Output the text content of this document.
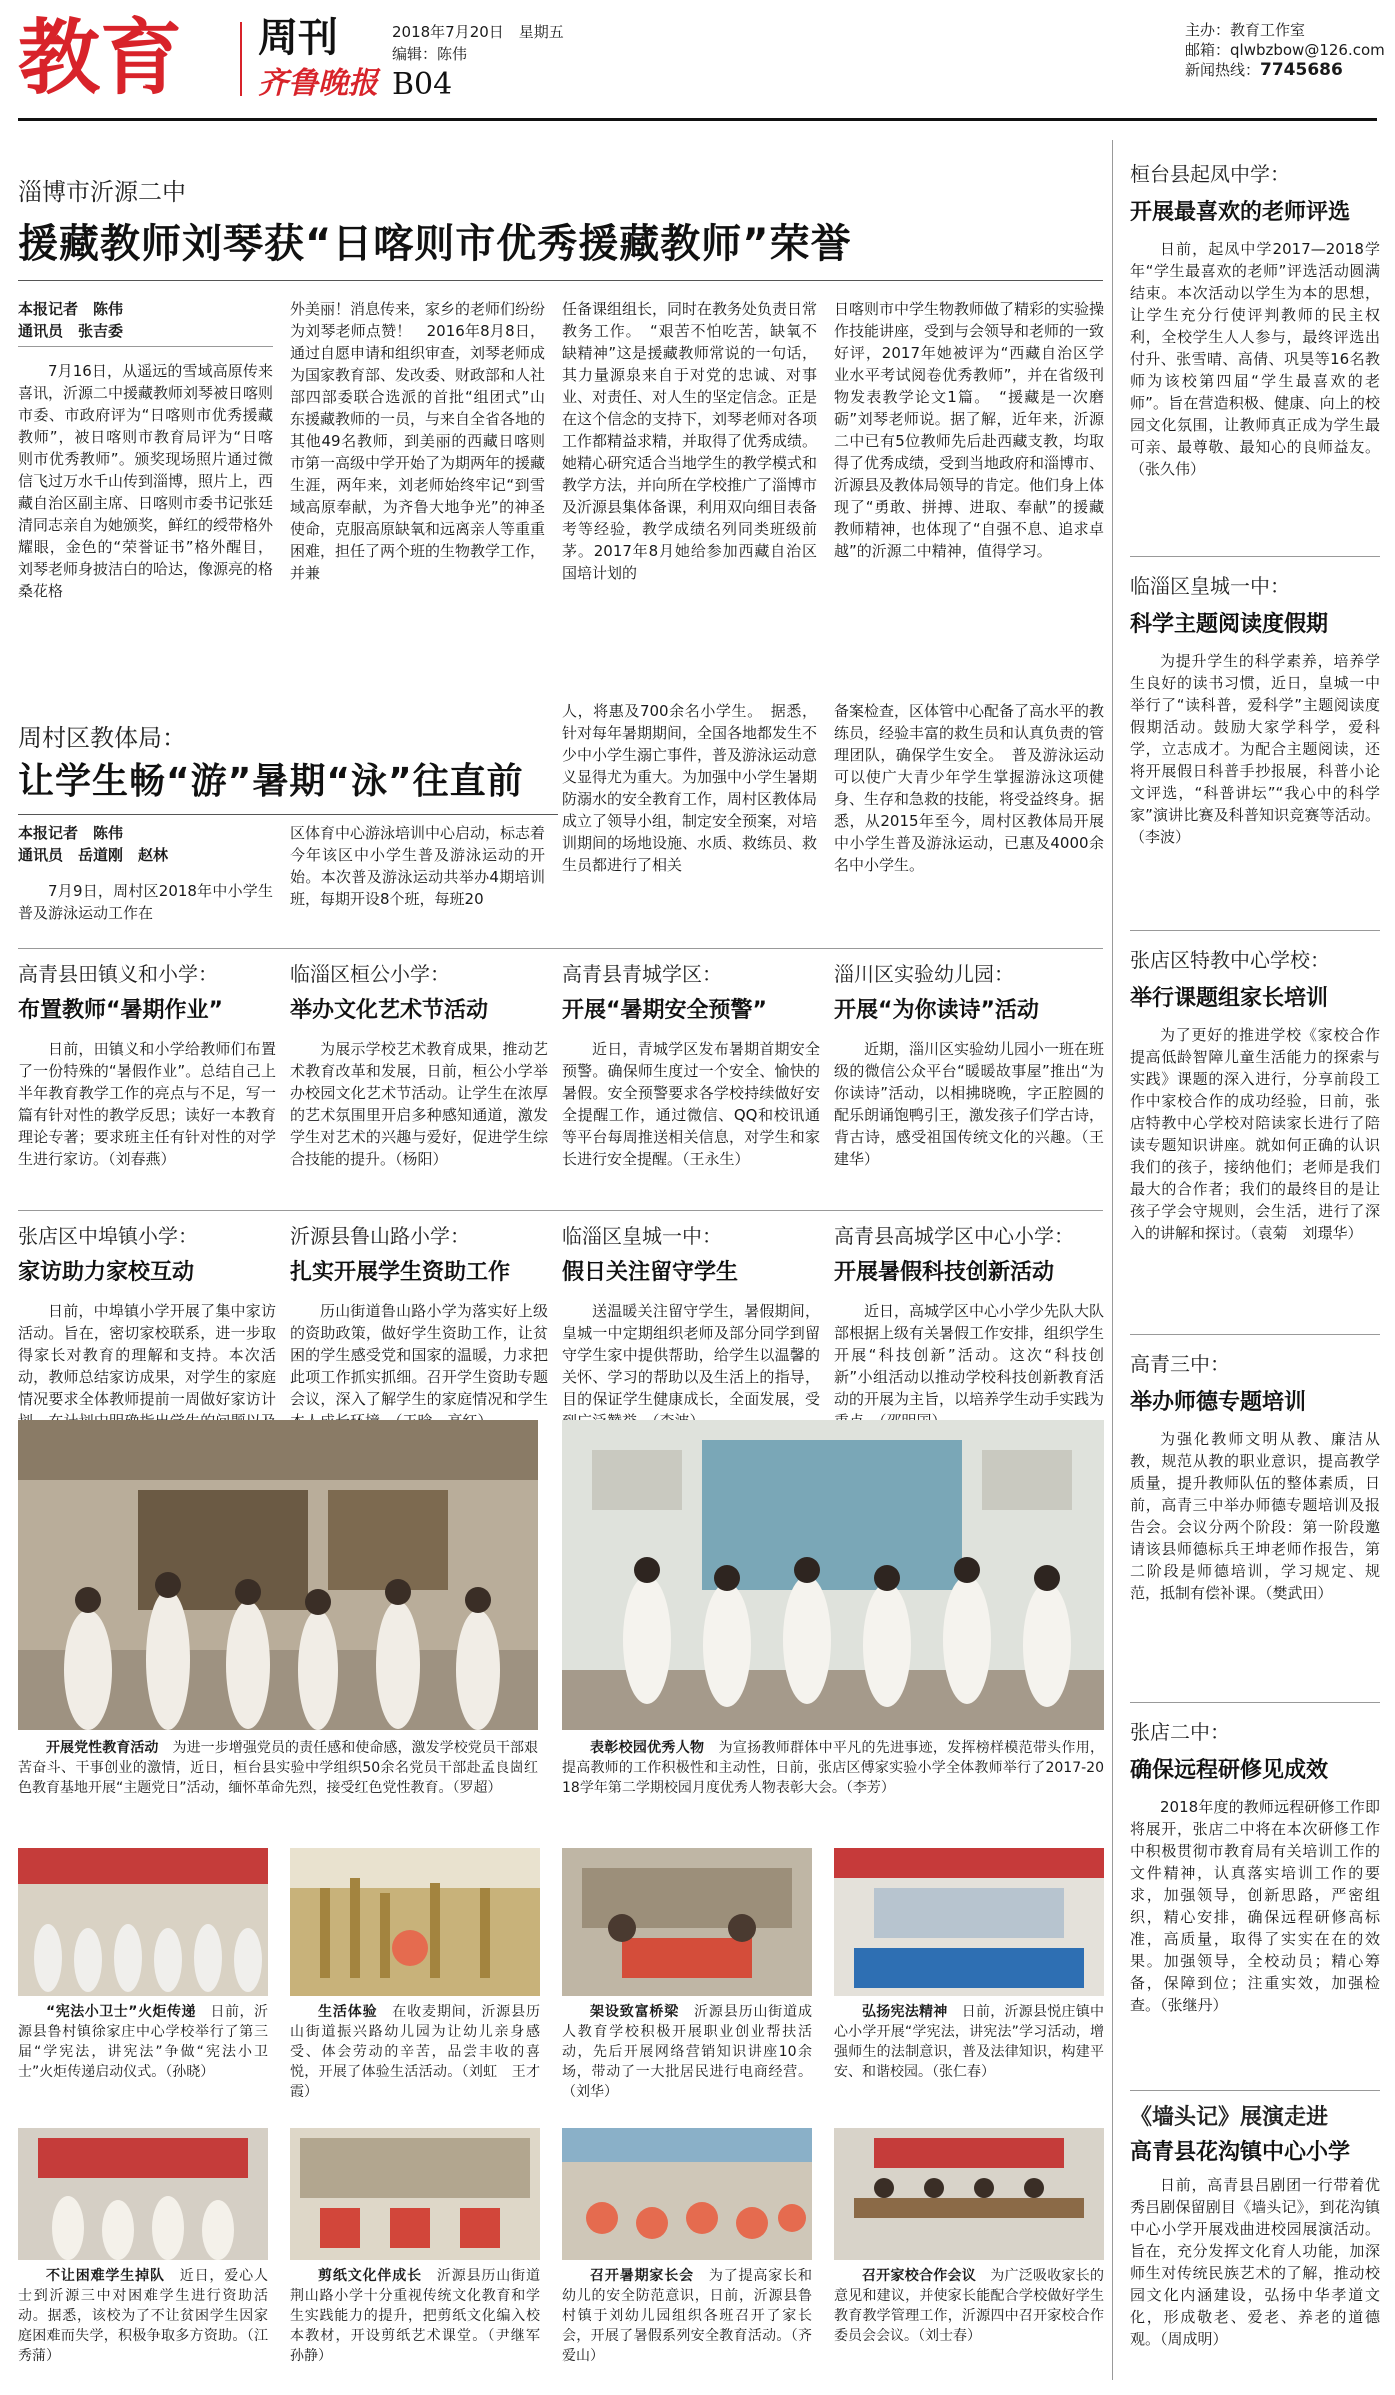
教育 周刊
齐鲁晚报 B04
2018年7月20日　星期五
编辑：陈伟
主办：教育工作室
邮箱：qlwbzbow@126.com
新闻热线：7745686
淄博市沂源二中
援藏教师刘琴获“日喀则市优秀援藏教师”荣誉
本报记者　陈伟
通讯员　张吉委
7月16日，从遥远的雪域高原传来喜讯，沂源二中援藏教师刘琴被日喀则市委、市政府评为“日喀则市优秀援藏教师”，被日喀则市教育局评为“日喀则市优秀教师”。颁奖现场照片通过微信飞过万水千山传到淄博，照片上，西藏自治区副主席、日喀则市委书记张廷清同志亲自为她颁奖，鲜红的绶带格外耀眼，金色的“荣誉证书”格外醒目，刘琴老师身披洁白的哈达，像源亮的格桑花格
外美丽！消息传来，家乡的老师们纷纷为刘琴老师点赞！　2016年8月8日，通过自愿申请和组织审查，刘琴老师成为国家教育部、发改委、财政部和人社部四部委联合选派的首批“组团式”山东援藏教师的一员，与来自全省各地的其他49名教师，到美丽的西藏日喀则市第一高级中学开始了为期两年的援藏生涯，两年来，刘老师始终牢记“到雪域高原奉献，为齐鲁大地争光”的神圣使命，克服高原缺氧和远离亲人等重重困难，担任了两个班的生物教学工作，并兼
任备课组组长，同时在教务处负责日常教务工作。　“艰苦不怕吃苦，缺氧不缺精神”这是援藏教师常说的一句话，其力量源泉来自于对党的忠诚、对事业、对责任、对人生的坚定信念。正是在这个信念的支持下，刘琴老师对各项工作都精益求精，并取得了优秀成绩。她精心研究适合当地学生的教学模式和教学方法，并向所在学校推广了淄博市及沂源县集体备课，利用双向细目表备考等经验，教学成绩名列同类班级前茅。2017年8月她给参加西藏自治区国培计划的
日喀则市中学生物教师做了精彩的实验操作技能讲座，受到与会领导和老师的一致好评，2017年她被评为“西藏自治区学业水平考试阅卷优秀教师”，并在省级刊物发表教学论文1篇。　“援藏是一次磨砺”刘琴老师说。据了解，近年来，沂源二中已有5位教师先后赴西藏支教，均取得了优秀成绩，受到当地政府和淄博市、沂源县及教体局领导的肯定。他们身上体现了“勇敢、拼搏、进取、奉献”的援藏教师精神，也体现了“自强不息、追求卓越”的沂源二中精神，值得学习。
周村区教体局：
让学生畅“游”暑期“泳”往直前
本报记者　陈伟
通讯员　岳道刚　赵林
7月9日，周村区2018年中小学生普及游泳运动工作在
区体育中心游泳培训中心启动，标志着今年该区中小学生普及游泳运动的开始。本次普及游泳运动共举办4期培训班，每期开设8个班，每班20
人，将惠及700余名小学生。　据悉，针对每年暑期期间，全国各地都发生不少中小学生溺亡事件，普及游泳运动意义显得尤为重大。为加强中小学生暑期防溺水的安全教育工作，周村区教体局成立了领导小组，制定安全预案，对培训期间的场地设施、水质、救练员、救生员都进行了相关
备案检查，区体管中心配备了高水平的教练员，经验丰富的救生员和认真负责的管理团队，确保学生安全。　普及游泳运动可以使广大青少年学生掌握游泳这项健身、生存和急救的技能，将受益终身。据悉，从2015年至今，周村区教体局开展中小学生普及游泳运动，已惠及4000余名中小学生。
高青县田镇义和小学：
布置教师“暑期作业”
日前，田镇义和小学给教师们布置了一份特殊的“暑假作业”。总结自己上半年教育教学工作的亮点与不足，写一篇有针对性的教学反思；读好一本教育理论专著；要求班主任有针对性的对学生进行家访。（刘春燕）
临淄区桓公小学：
举办文化艺术节活动
为展示学校艺术教育成果，推动艺术教育改革和发展，日前，桓公小学举办校园文化艺术节活动。让学生在浓厚的艺术氛围里开启多种感知通道，激发学生对艺术的兴趣与爱好，促进学生综合技能的提升。（杨阳）
高青县青城学区：
开展“暑期安全预警”
近日，青城学区发布暑期首期安全预警。确保师生度过一个安全、愉快的暑假。安全预警要求各学校持续做好安全提醒工作，通过微信、QQ和校讯通等平台每周推送相关信息，对学生和家长进行安全提醒。（王永生）
淄川区实验幼儿园：
开展“为你读诗”活动
近期，淄川区实验幼儿园小一班在班级的微信公众平台“暖暖故事屋”推出“为你读诗”活动，以相拂晓晚，字正腔圆的配乐朗诵饱鸭引王，激发孩子们学古诗，背古诗，感受祖国传统文化的兴趣。（王建华）
张店区中埠镇小学：
家访助力家校互动
日前，中埠镇小学开展了集中家访活动。旨在，密切家校联系，进一步取得家长对教育的理解和支持。本次活动，教师总结家访成果，对学生的家庭情况要求全体教师提前一周做好家访计
沂源县鲁山路小学：
扎实开展学生资助工作
历山街道鲁山路小学为落实好上级的资助政策，做好学生资助工作，让贫困的学生感受党和国家的温暖，力求把此项工作抓实抓细。召开学生资助专题会议，深入了解学生的家庭情况和学生
临淄区皇城一中：
假日关注留守学生
送温暖关注留守学生，暑假期间，皇城一中定期组织老师及部分同学到留守学生家中提供帮助，给学生以温馨的关怀、学习的帮助以及生活上的指导，目的保证学生健康成长，全面发展，受
高青县高城学区中心小学：
开展暑假科技创新活动
近日，高城学区中心小学少先队大队部根据上级有关暑假工作安排，组织学生开展“科技创新”活动。这次“科技创新”小组活动以推动学校科技创新教育活动的开展为主旨，以培养学生动手实践为
开展党性教育活动　 为进一步增强党员的责任感和使命感，激发学校党员干部艰苦奋斗、干事创业的激情，近日，桓台县实验中学组织50余名党员干部赴孟良崮红色教育基地开展“主题党日”活动，缅怀革命先烈，接受红色党性教育。（罗超）
表彰校园优秀人物　 为宣扬教师群体中平凡的先进事迹，发挥榜样模范带头作用，提高教师的工作积极性和主动性，日前，张店区傅家实验小学全体教师举行了2017-2018学年第二学期校园月度优秀人物表彰大会。（李芳）
“宪法小卫士”火炬传递　 日前，沂源县鲁村镇徐家庄中心学校举行了第三届“学宪法，讲宪法”争做“宪法小卫士”火炬传递启动仪式。（孙晓）
生活体验　 在收麦期间，沂源县历山街道振兴路幼儿园为让幼儿亲身感受、体会劳动的辛苦，品尝丰收的喜悦，开展了体验生活活动。（刘虹　王才霞）
架设致富桥梁　 沂源县历山街道成人教育学校积极开展职业创业帮扶活动，先后开展网络营销知识讲座10余场，带动了一大批居民进行电商经营。（刘华）
弘扬宪法精神　 日前，沂源县悦庄镇中心小学开展“学宪法，讲宪法”学习活动，增强师生的法制意识，普及法律知识，构建平安、和谐校园。（张仁春）
不让困难学生掉队　 近日，爱心人士到沂源三中对困难学生进行资助活动。据悉，该校为了不让贫困学生因家庭困难而失学，积极争取多方资助。（江秀蒲）
剪纸文化伴成长　 沂源县历山街道荆山路小学十分重视传统文化教育和学生实践能力的提升，把剪纸文化编入校本教材，开设剪纸艺术课堂。（尹继军　孙静）
召开暑期家长会　 为了提高家长和幼儿的安全防范意识，日前，沂源县鲁村镇于刘幼儿园组织各班召开了家长会，开展了暑假系列安全教育活动。（齐爱山）
召开家校合作会议　 为广泛吸收家长的意见和建议，并使家长能配合学校做好学生教育教学管理工作，沂源四中召开家校合作委员会会议。（刘士春）
桓台县起凤中学：
开展最喜欢的老师评选
日前，起凤中学2017—2018学年“学生最喜欢的老师”评选活动圆满结束。本次活动以学生为本的思想，让学生充分行使评判教师的民主权利，全校学生人人参与，最终评选出付升、张雪晴、高倩、巩昊等16名教师为该校第四届“学生最喜欢的老师”。旨在营造积极、健康、向上的校园文化氛围，让教师真正成为学生最可亲、最尊敬、最知心的良师益友。（张久伟）
临淄区皇城一中：
科学主题阅读度假期
为提升学生的科学素养，培养学生良好的读书习惯，近日，皇城一中举行了“读科普，爱科学”主题阅读度假期活动。鼓励大家学科学，爱科学，立志成才。为配合主题阅读，还将开展假日科普手抄报展，科普小论文评选，“科普讲坛”“我心中的科学家”演讲比赛及科普知识竞赛等活动。（李波）
张店区特教中心学校：
举行课题组家长培训
为了更好的推进学校《家校合作提高低龄智障儿童生活能力的探索与实践》课题的深入进行，分享前段工作中家校合作的成功经验，日前，张店特教中心学校对陪读家长进行了陪读专题知识讲座。就如何正确的认识我们的孩子，接纳他们；老师是我们最大的合作者；我们的最终目的是让孩子学会守规则，会生活，进行了深入的讲解和探讨。（袁菊　刘璟华）
高青三中：
举办师德专题培训
为强化教师文明从教、廉洁从教，规范从教的职业意识，提高教学质量，提升教师队伍的整体素质，日前，高青三中举办师德专题培训及报告会。会议分两个阶段：第一阶段邀请该县师德标兵王坤老师作报告，第二阶段是师德培训，学习规定、规范，抵制有偿补课。（樊武田）
张店二中：
确保远程研修见成效
2018年度的教师远程研修工作即将展开，张店二中将在本次研修工作中积极贯彻市教育局有关培训工作的文件精神，认真落实培训工作的要求，加强领导，创新思路，严密组织，精心安排，确保远程研修高标准，高质量，取得了实实在在的效果。加强领导，全校动员；精心筹备，保障到位；注重实效，加强检查。（张继丹）
《墙头记》展演走进
高青县花沟镇中心小学
日前，高青县吕剧团一行带着优秀吕剧保留剧目《墙头记》，到花沟镇中心小学开展戏曲进校园展演活动。旨在，充分发挥文化育人功能，加深师生对传统民族艺术的了解，推动校园文化内涵建设，弘扬中华孝道文化，形成敬老、爱老、养老的道德观。（周成明）
